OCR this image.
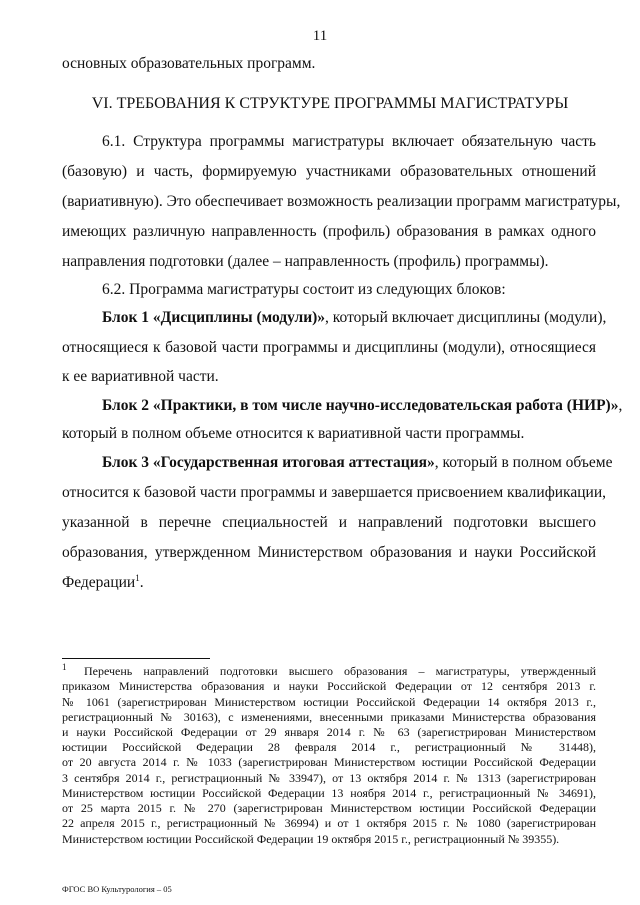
11
основных образовательных программ.
VI. ТРЕБОВАНИЯ К СТРУКТУРЕ ПРОГРАММЫ МАГИСТРАТУРЫ
6.1. Структура программы магистратуры включает обязательную часть
(базовую) и часть, формируемую участниками образовательных отношений
(вариативную). Это обеспечивает возможность реализации программ магистратуры,
имеющих различную направленность (профиль) образования в рамках одного
направления подготовки (далее – направленность (профиль) программы).
6.2. Программа магистратуры состоит из следующих блоков:
Блок 1 «Дисциплины (модули)», который включает дисциплины (модули),
относящиеся к базовой части программы и дисциплины (модули), относящиеся
к ее вариативной части.
Блок 2 «Практики, в том числе научно-исследовательская работа (НИР)»,
который в полном объеме относится к вариативной части программы.
Блок 3 «Государственная итоговая аттестация», который в полном объеме
относится к базовой части программы и завершается присвоением квалификации,
указанной в перечне специальностей и направлений подготовки высшего
образования, утвержденном Министерством образования и науки Российской
Федерации$^1$.
1 Перечень направлений подготовки высшего образования – магистратуры, утвержденный
приказом Министерства образования и науки Российской Федерации от 12 сентября 2013 г.
№ 1061 (зарегистрирован Министерством юстиции Российской Федерации 14 октября 2013 г.,
регистрационный № 30163), с изменениями, внесенными приказами Министерства образования
и науки Российской Федерации от 29 января 2014 г. № 63 (зарегистрирован Министерством
юстиции Российской Федерации 28 февраля 2014 г., регистрационный № 31448),
от 20 августа 2014 г. № 1033 (зарегистрирован Министерством юстиции Российской Федерации
3 сентября 2014 г., регистрационный № 33947), от 13 октября 2014 г. № 1313 (зарегистрирован
Министерством юстиции Российской Федерации 13 ноября 2014 г., регистрационный № 34691),
от 25 марта 2015 г. № 270 (зарегистрирован Министерством юстиции Российской Федерации
22 апреля 2015 г., регистрационный № 36994) и от 1 октября 2015 г. № 1080 (зарегистрирован
Министерством юстиции Российской Федерации 19 октября 2015 г., регистрационный № 39355).
ФГОС ВО Культурология – 05
